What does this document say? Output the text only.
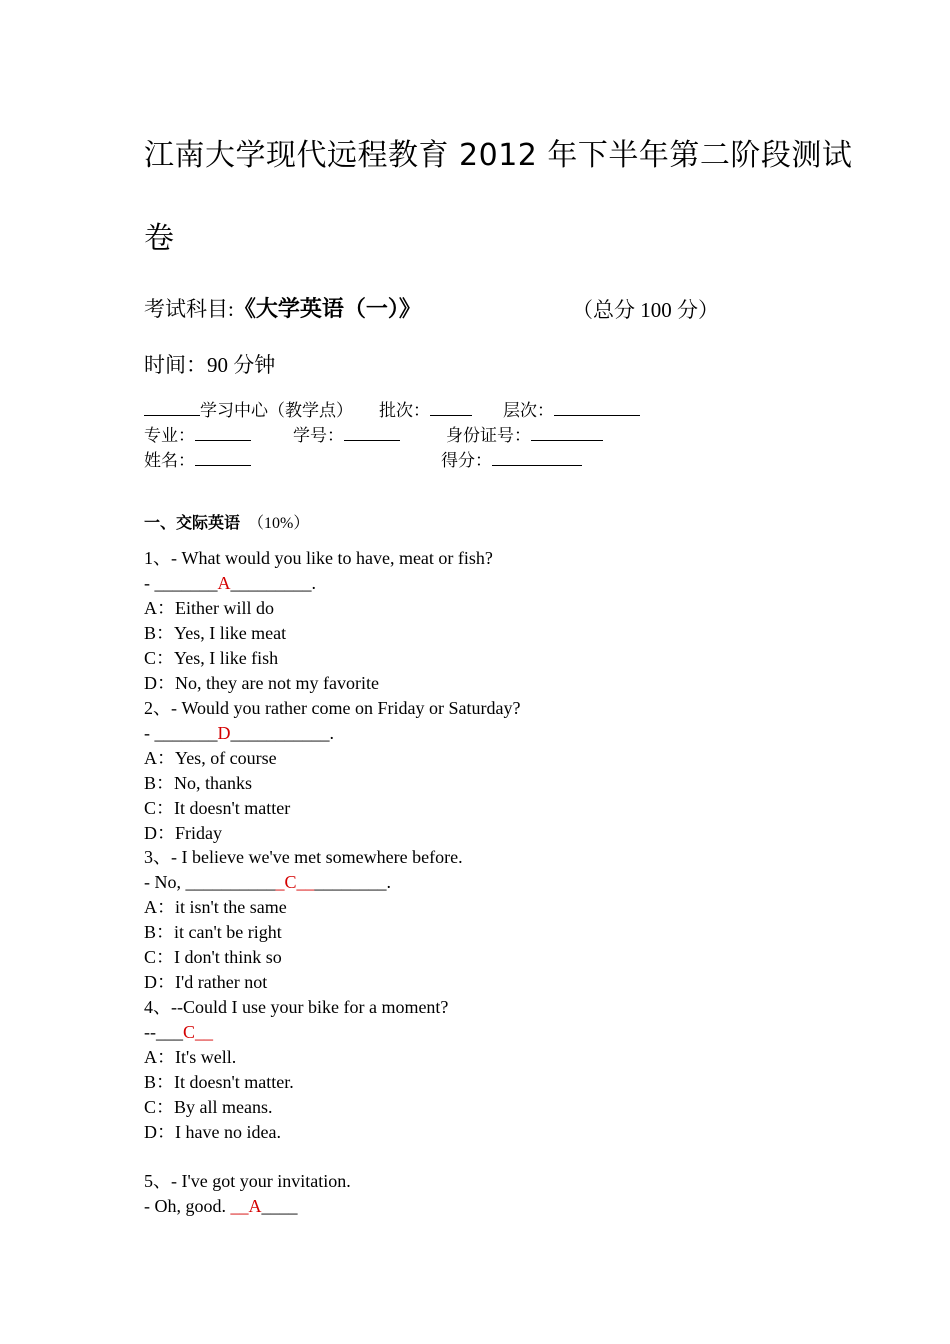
江南大学现代远程教育 2012 年下半年第二阶段测试
卷
考试科目:《大学英语（一）》	（总分 100 分）
时间：90 分钟
学习中心（教学点） 批次：	层次：
专业：	学号：	身份证号：
姓名：	得分：
一、交际英语 （10%）
1、- What would you like to have, meat or fish?
- _______A_________.
A：Either will do
B：Yes, I like meat
C：Yes, I like fish
D：No, they are not my favorite
2、- Would you rather come on Friday or Saturday?
- _______D___________.
A：Yes, of course
B：No, thanks
C：It doesn't matter
D：Friday
3、- I believe we've met somewhere before.
- No, ___________C__________.
A：it isn't the same
B：it can't be right
C：I don't think so
D：I'd rather not
4、--Could I use your bike for a moment?
--___C__
A：It's well.
B：It doesn't matter.
C：By all means.
D：I have no idea.
5、- I've got your invitation.
- Oh, good. __A____
